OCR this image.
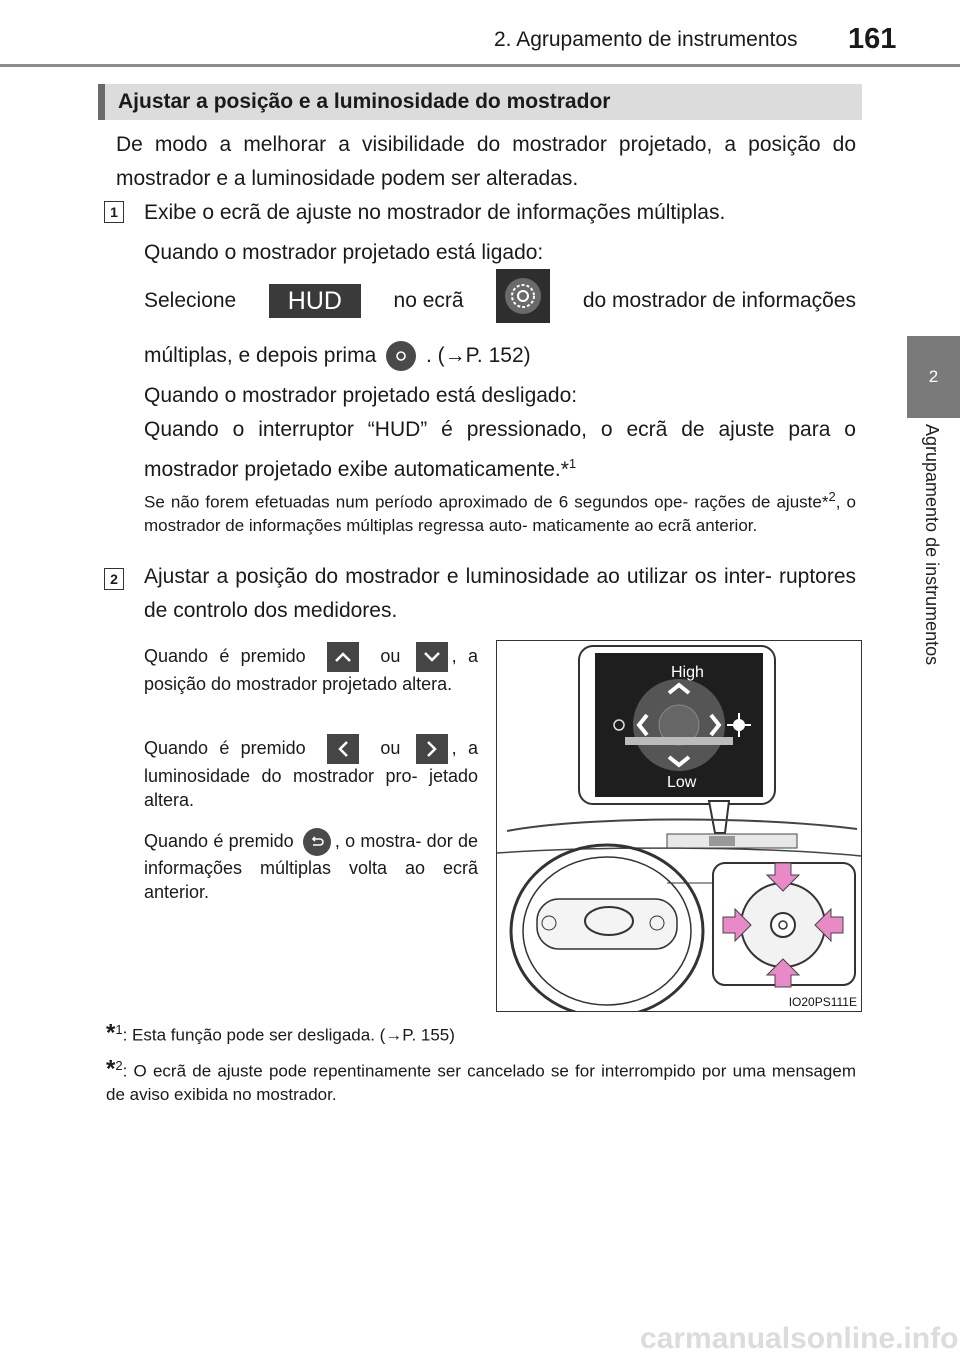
2. Agrupamento de instrumentos 161
2
Agrupamento de instrumentos
Ajustar a posição e a luminosidade do mostrador
De modo a melhorar a visibilidade do mostrador projetado, a posição do mostrador e a luminosidade podem ser alteradas.
1 Exibe o ecrã de ajuste no mostrador de informações múltiplas.
Quando o mostrador projetado está ligado:
Selecione	HUD	no ecrã	do mostrador de informações
múltiplas, e depois prima . (→P. 152)
Quando o mostrador projetado está desligado:
Quando o interruptor “HUD” é pressionado, o ecrã de ajuste para o mostrador projetado exibe automaticamente.*$^1$
Se não forem efetuadas num período aproximado de 6 segundos ope- rações de ajuste*$^2$, o mostrador de informações múltiplas regressa auto- maticamente ao ecrã anterior.
2 Ajustar a posição do mostrador e luminosidade ao utilizar os inter- ruptores de controlo dos medidores.
Quando é premido	ou	, a posição do mostrador projetado altera.
Quando é premido	ou	, a luminosidade do mostrador pro- jetado altera.
Quando é premido , o mostra- dor de informações múltiplas volta ao ecrã anterior.
High
Low
IO20PS111E
*$^1$: Esta função pode ser desligada. (→P. 155)
*$^2$: O ecrã de ajuste pode repentinamente ser cancelado se for interrompido por uma mensagem de aviso exibida no mostrador.
carmanualsonline.info
